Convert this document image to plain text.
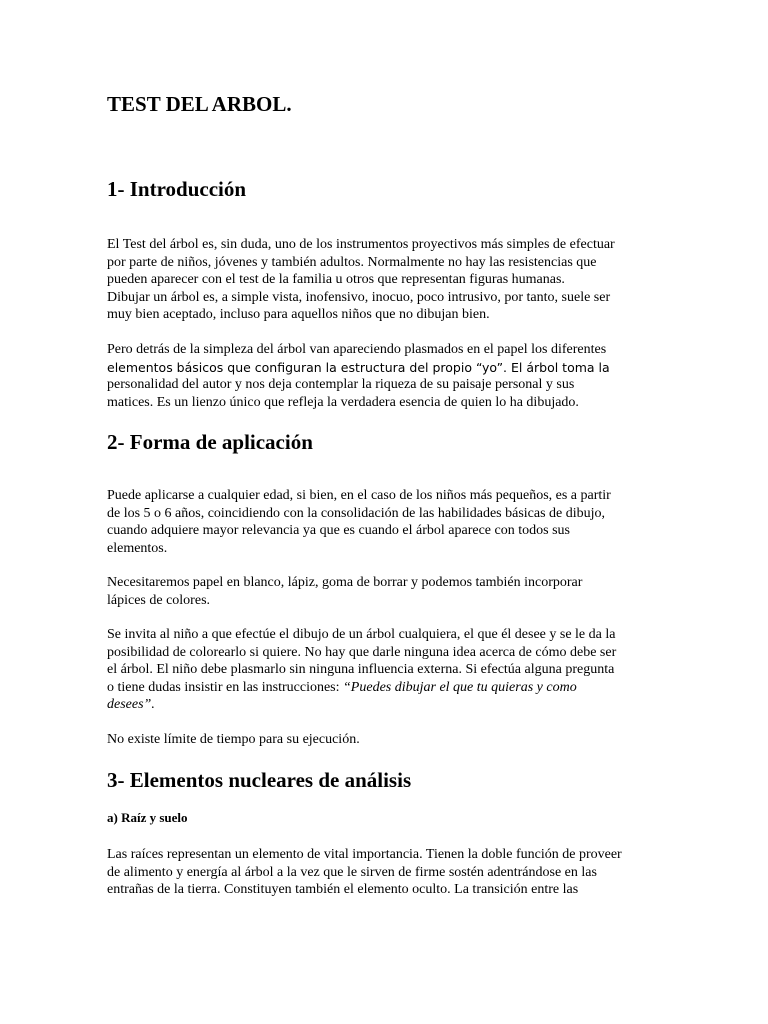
TEST DEL ARBOL.
1- Introducción
El Test del árbol es, sin duda, uno de los instrumentos proyectivos más simples de efectuar
por parte de niños, jóvenes y también adultos. Normalmente no hay las resistencias que
pueden aparecer con el test de la familia u otros que representan figuras humanas.
Dibujar un árbol es, a simple vista, inofensivo, inocuo, poco intrusivo, por tanto, suele ser
muy bien aceptado, incluso para aquellos niños que no dibujan bien.
Pero detrás de la simpleza del árbol van apareciendo plasmados en el papel los diferentes
elementos básicos que configuran la estructura del propio “yo”. El árbol toma la
personalidad del autor y nos deja contemplar la riqueza de su paisaje personal y sus
matices. Es un lienzo único que refleja la verdadera esencia de quien lo ha dibujado.
2- Forma de aplicación
Puede aplicarse a cualquier edad, si bien, en el caso de los niños más pequeños, es a partir
de los 5 o 6 años, coincidiendo con la consolidación de las habilidades básicas de dibujo,
cuando adquiere mayor relevancia ya que es cuando el árbol aparece con todos sus
elementos.
Necesitaremos papel en blanco, lápiz, goma de borrar y podemos también incorporar
lápices de colores.
Se invita al niño a que efectúe el dibujo de un árbol cualquiera, el que él desee y se le da la
posibilidad de colorearlo si quiere. No hay que darle ninguna idea acerca de cómo debe ser
el árbol. El niño debe plasmarlo sin ninguna influencia externa. Si efectúa alguna pregunta
o tiene dudas insistir en las instrucciones: “Puedes dibujar el que tu quieras y como
desees”.
No existe límite de tiempo para su ejecución.
3- Elementos nucleares de análisis
a) Raíz y suelo
Las raíces representan un elemento de vital importancia. Tienen la doble función de proveer
de alimento y energía al árbol a la vez que le sirven de firme sostén adentrándose en las
entrañas de la tierra. Constituyen también el elemento oculto. La transición entre las
